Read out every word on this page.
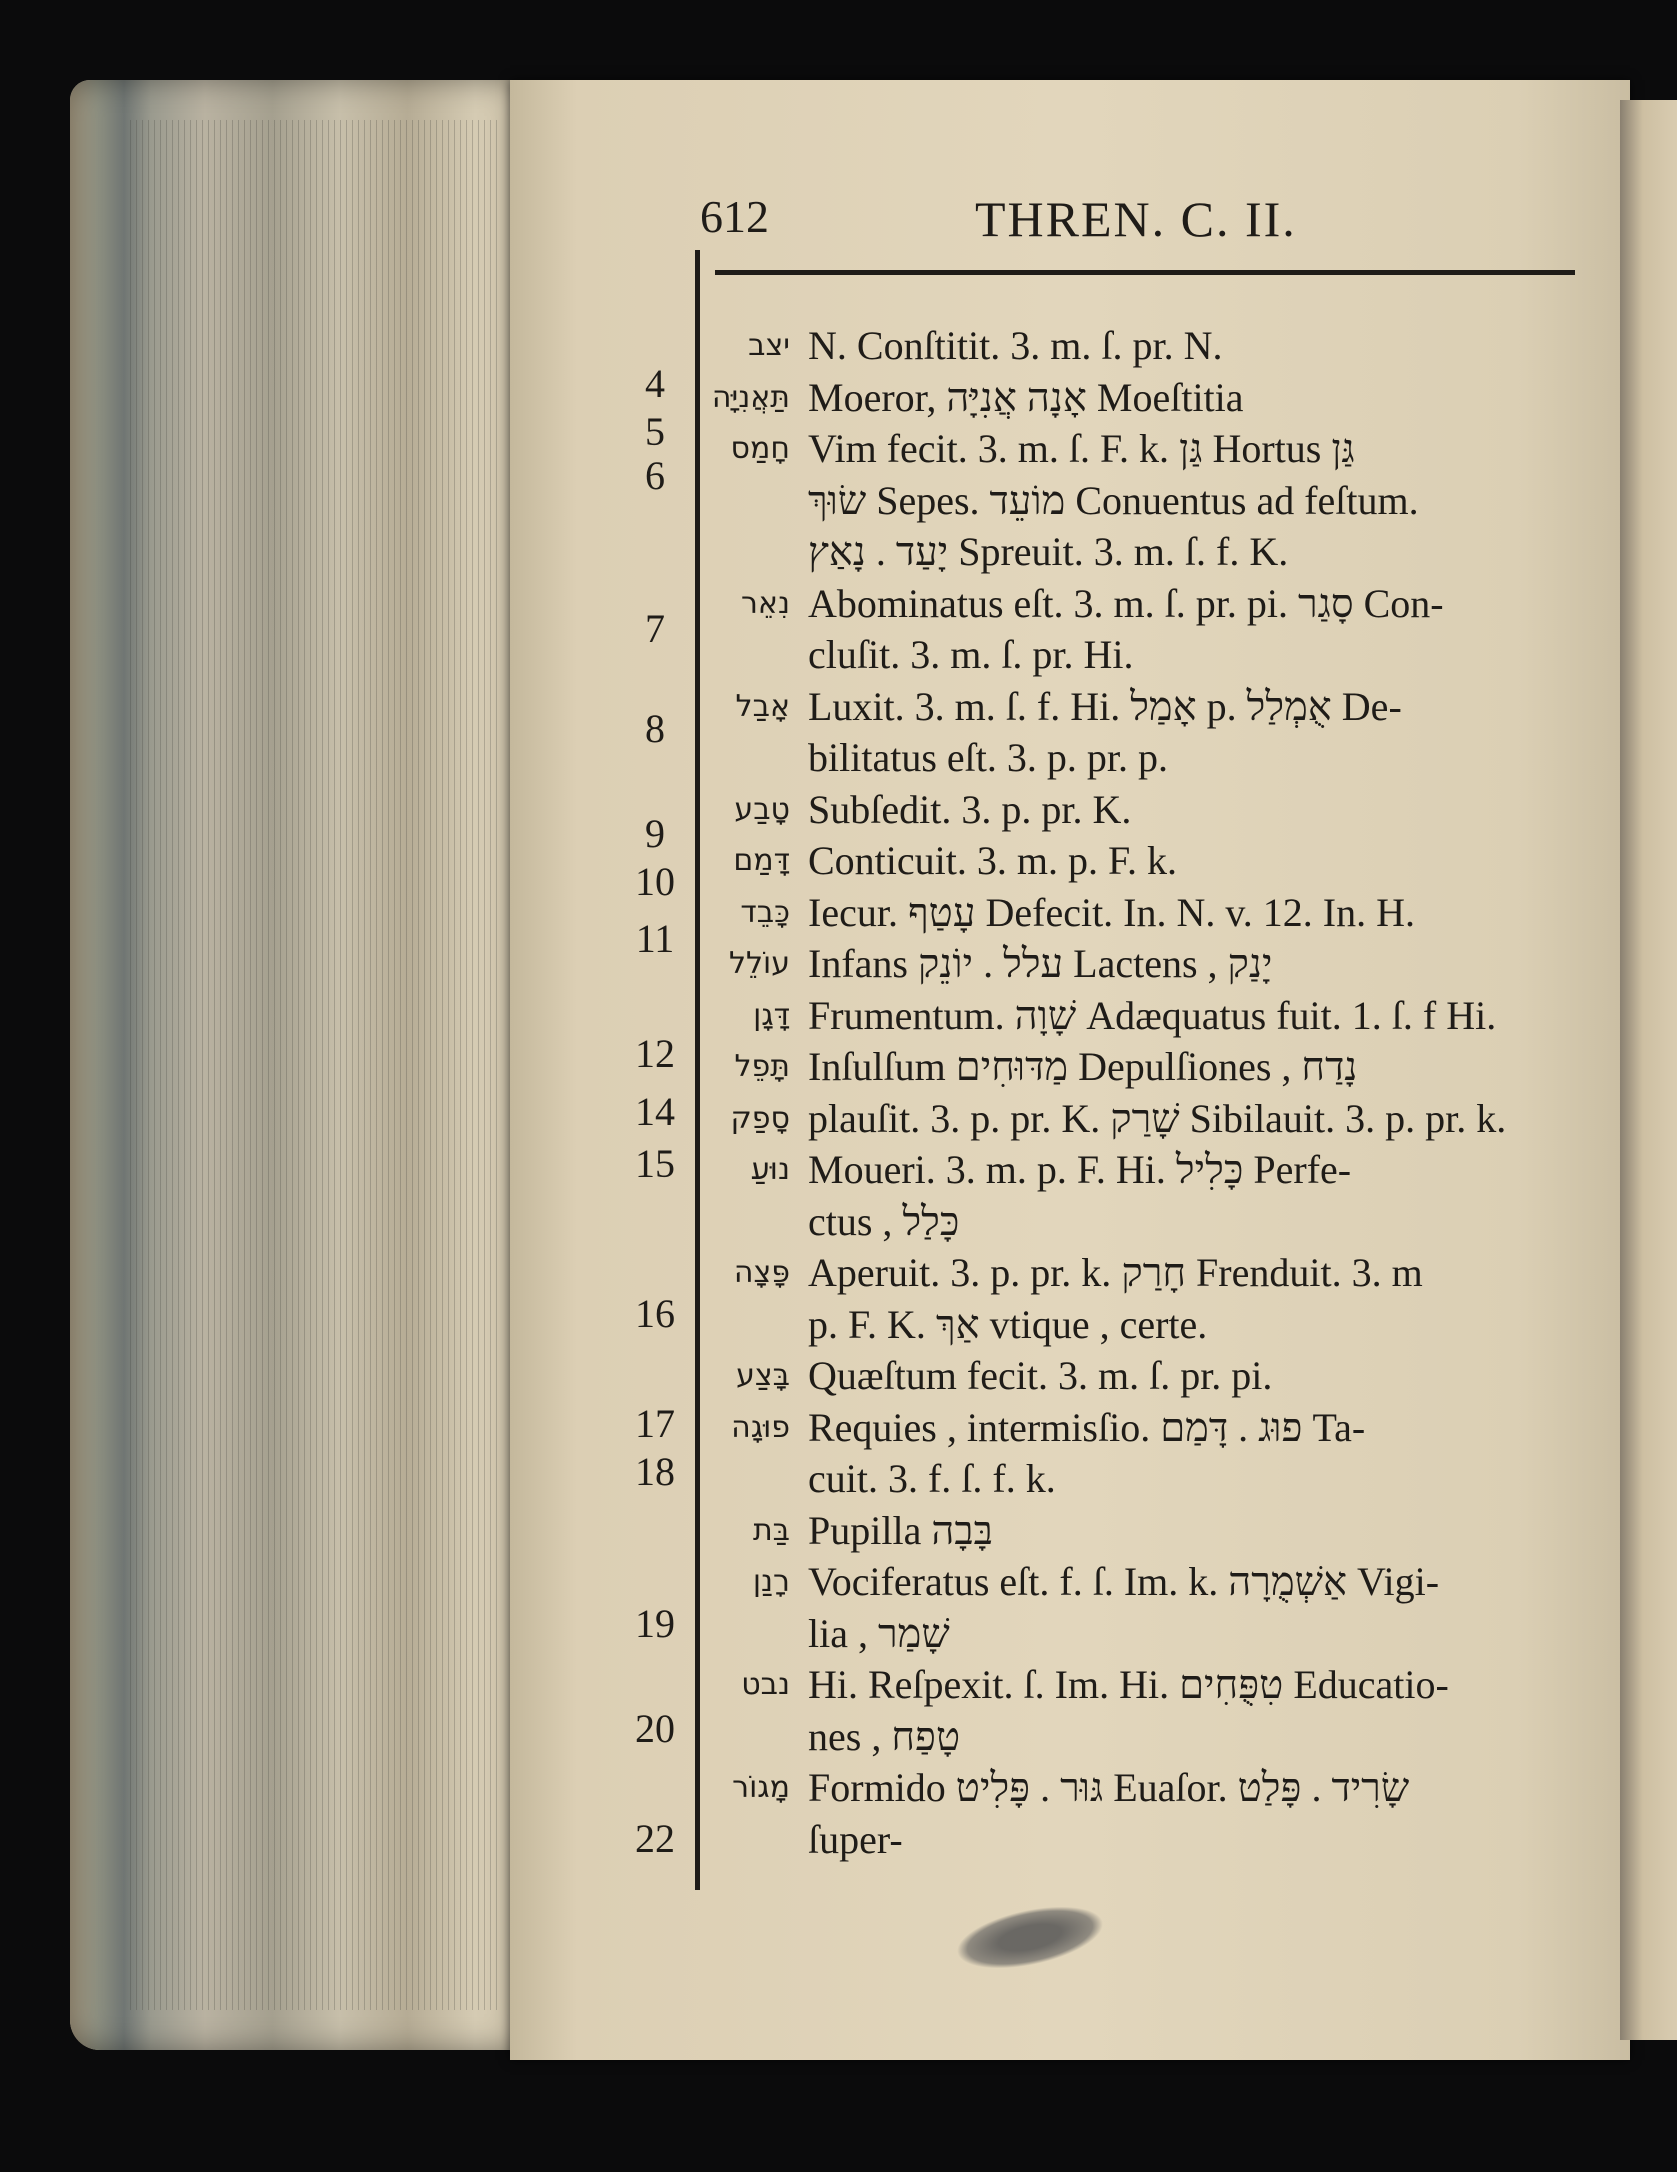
612	THREN. C. II.
4
5
6
7
8
9
10
11
12
14
15
16
17
18
19
20
22
יצב N. Conſtitit. 3. m. ſ. pr. N.
תַּאֲנִיָּה Moeror, אָנָה אֲנִיָּה Moeſtitia
חָמַס Vim fecit. 3. m. ſ. F. k. גַּן Hortus גַּן
שׂוּךְ Sepes. מוֹעֵד Conuentus ad feſtum.
יָעַד . נָאַץ Spreuit. 3. m. ſ. f. K.
נִאֵר Abominatus eſt. 3. m. ſ. pr. pi. סָגַר Con-
cluſit. 3. m. ſ. pr. Hi.
אָבַל Luxit. 3. m. ſ. f. Hi. אָמַל p. אֻמְלַל De-
bilitatus eſt. 3. p. pr. p.
טָבַע Subſedit. 3. p. pr. K.
דָּמַם Conticuit. 3. m. p. F. k.
כָּבֵד Iecur. עָטַף Defecit. In. N. v. 12. In. H.
עוֹלֵל Infans עלל . יוֹנֵק Lactens , יָנַק
דָּגָן Frumentum. שָׁוָה Adæquatus fuit. 1. ſ. f Hi.
תָּפֵל Inſulſum מַדּוּחִים Depulſiones , נָדַח
סָפַק plauſit. 3. p. pr. K. שָׁרַק Sibilauit. 3. p. pr. k.
נוּעַ Moueri. 3. m. p. F. Hi. כָּלִיל Perfe-
ctus , כָּלַל
פָּצָה Aperuit. 3. p. pr. k. חָרַק Frenduit. 3. m
p. F. K. אַךְ vtique , certe.
בָּצַע Quæſtum fecit. 3. m. ſ. pr. pi.
פוּגָה Requies , intermisſio. פוּג . דָּמַם Ta-
cuit. 3. f. ſ. f. k.
בַּת Pupilla בָּבָה
רָנַן Vociferatus eſt. f. ſ. Im. k. אַשְׁמֻרָה Vigi-
lia , שָׁמַר
נבט Hi. Reſpexit. ſ. Im. Hi. טִפֻּחִים Educatio-
nes , טָפַח
מָגוֹר Formido גּוּר . פָּלִיט Euaſor. שָׂרִיד . פָּלַט
ſuper-
